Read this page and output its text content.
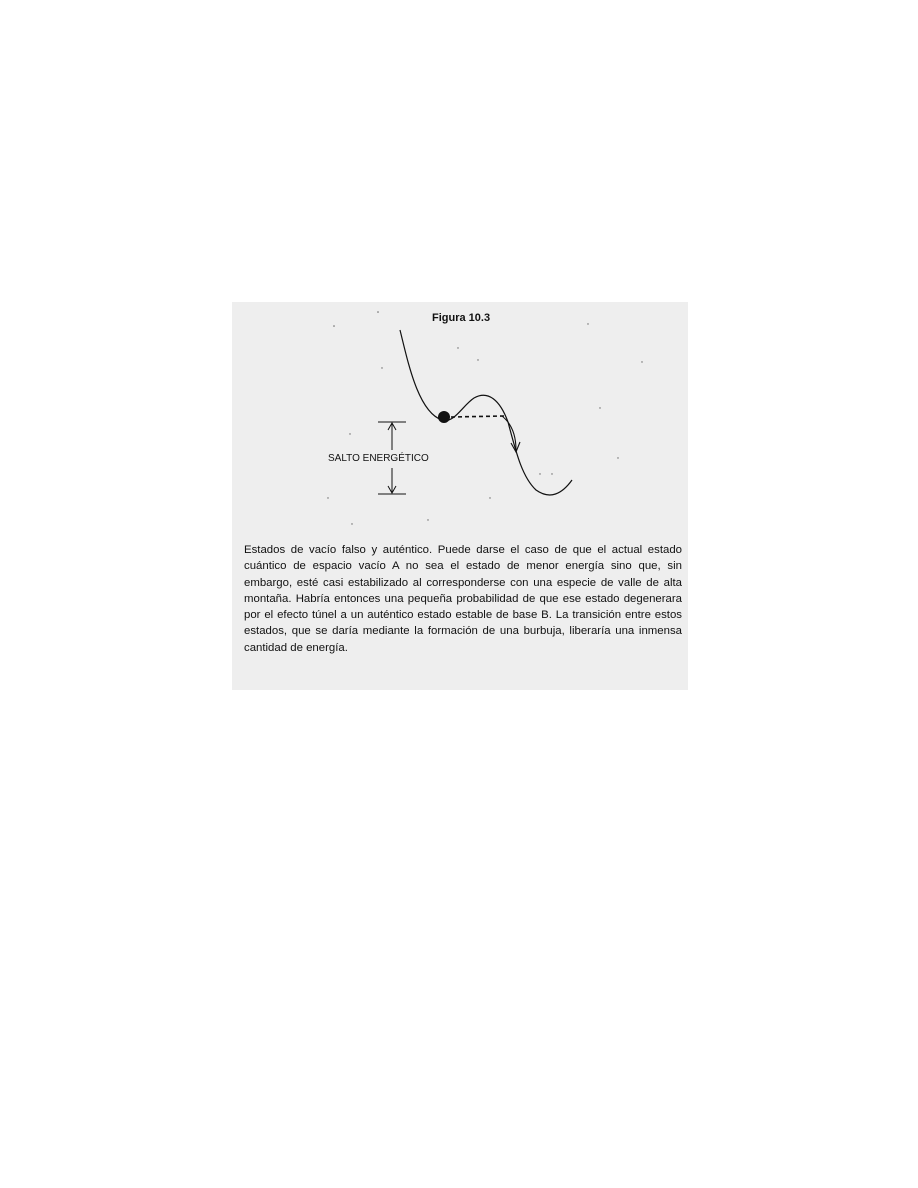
Figura 10.3
SALTO ENERGÉTICO

Estados de vacío falso y auténtico. Puede darse el caso de que el actual estado cuántico de espacio vacío A no sea el estado de menor energía sino que, sin embargo, esté casi estabilizado al corresponderse con una especie de valle de alta montaña. Habría entonces una pequeña probabilidad de que ese estado degenerara por el efecto túnel a un auténtico estado estable de base B. La transición entre estos estados, que se daría mediante la formación de una burbuja, liberaría una inmensa cantidad de energía.
